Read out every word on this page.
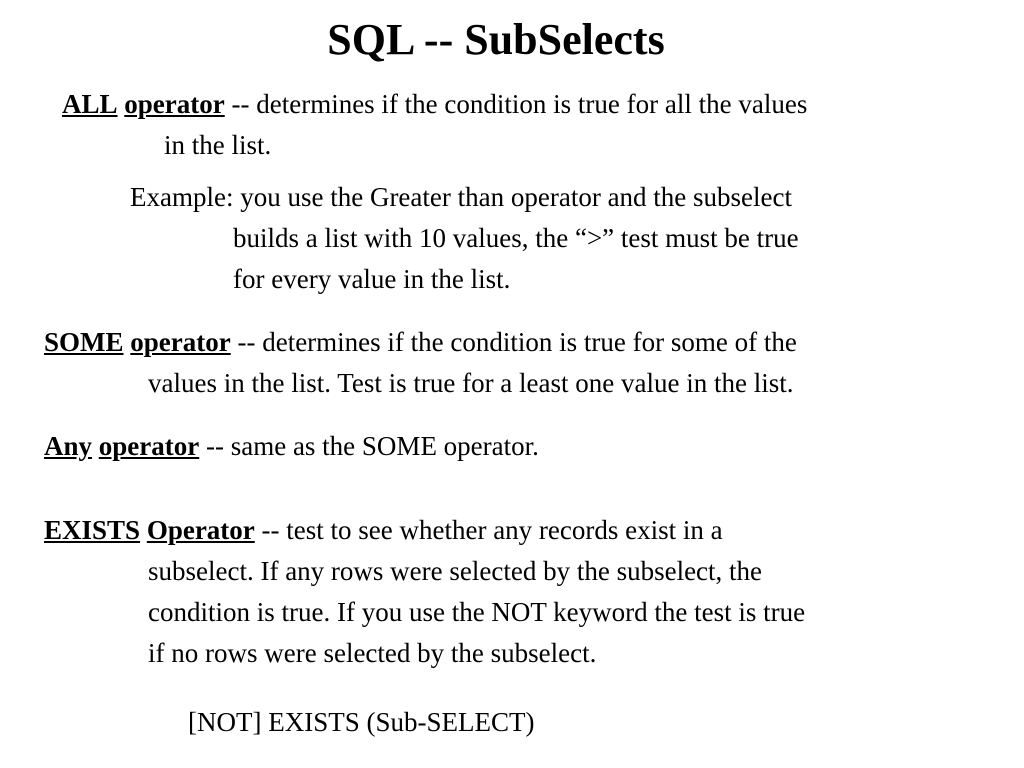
SQL -- SubSelects
ALL operator -- determines if the condition is true for all the values
in the list.
Example: you use the Greater than operator and the subselect
builds a list with 10 values, the “>” test must be true
for every value in the list.
SOME operator -- determines if the condition is true for some of the
values in the list. Test is true for a least one value in the list.
Any operator -- same as the SOME operator.
EXISTS Operator -- test to see whether any records exist in a
subselect. If any rows were selected by the subselect, the
condition is true. If you use the NOT keyword the test is true
if no rows were selected by the subselect.
[NOT] EXISTS (Sub-SELECT)
